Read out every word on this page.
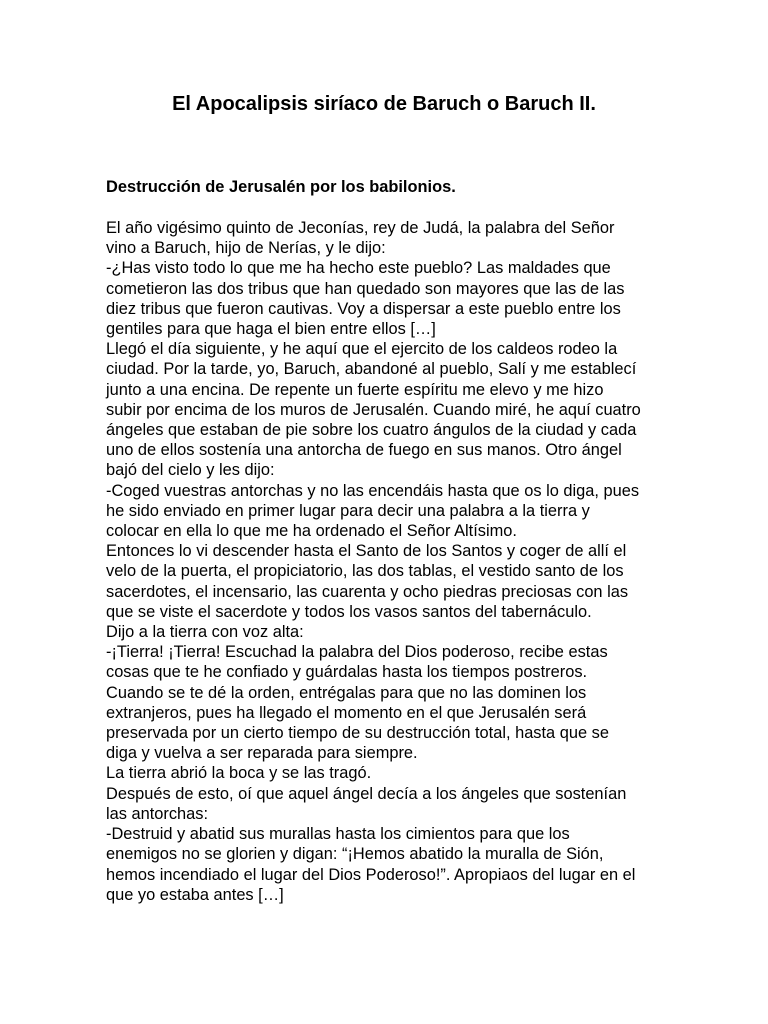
El Apocalipsis siríaco de Baruch o Baruch II.
Destrucción de Jerusalén por los babilonios.
El año vigésimo quinto de Jeconías, rey de Judá, la palabra del Señor
vino a Baruch, hijo de Nerías, y le dijo:
-¿Has visto todo lo que me ha hecho este pueblo? Las maldades que
cometieron las dos tribus que han quedado son mayores que las de las
diez tribus que fueron cautivas. Voy a dispersar a este pueblo entre los
gentiles para que haga el bien entre ellos […]
Llegó el día siguiente, y he aquí que el ejercito de los caldeos rodeo la
ciudad. Por la tarde, yo, Baruch, abandoné al pueblo, Salí y me establecí
junto a una encina. De repente un fuerte espíritu me elevo y me hizo
subir por encima de los muros de Jerusalén. Cuando miré, he aquí cuatro
ángeles que estaban de pie sobre los cuatro ángulos de la ciudad y cada
uno de ellos sostenía una antorcha de fuego en sus manos. Otro ángel
bajó del cielo y les dijo:
-Coged vuestras antorchas y no las encendáis hasta que os lo diga, pues
he sido enviado en primer lugar para decir una palabra a la tierra y
colocar en ella lo que me ha ordenado el Señor Altísimo.
Entonces lo vi descender hasta el Santo de los Santos y coger de allí el
velo de la puerta, el propiciatorio, las dos tablas, el vestido santo de los
sacerdotes, el incensario, las cuarenta y ocho piedras preciosas con las
que se viste el sacerdote y todos los vasos santos del tabernáculo.
Dijo a la tierra con voz alta:
-¡Tierra! ¡Tierra! Escuchad la palabra del Dios poderoso, recibe estas
cosas que te he confiado y guárdalas hasta los tiempos postreros.
Cuando se te dé la orden, entrégalas para que no las dominen los
extranjeros, pues ha llegado el momento en el que Jerusalén será
preservada por un cierto tiempo de su destrucción total, hasta que se
diga y vuelva a ser reparada para siempre.
La tierra abrió la boca y se las tragó.
Después de esto, oí que aquel ángel decía a los ángeles que sostenían
las antorchas:
-Destruid y abatid sus murallas hasta los cimientos para que los
enemigos no se glorien y digan: “¡Hemos abatido la muralla de Sión,
hemos incendiado el lugar del Dios Poderoso!”. Apropiaos del lugar en el
que yo estaba antes […]
